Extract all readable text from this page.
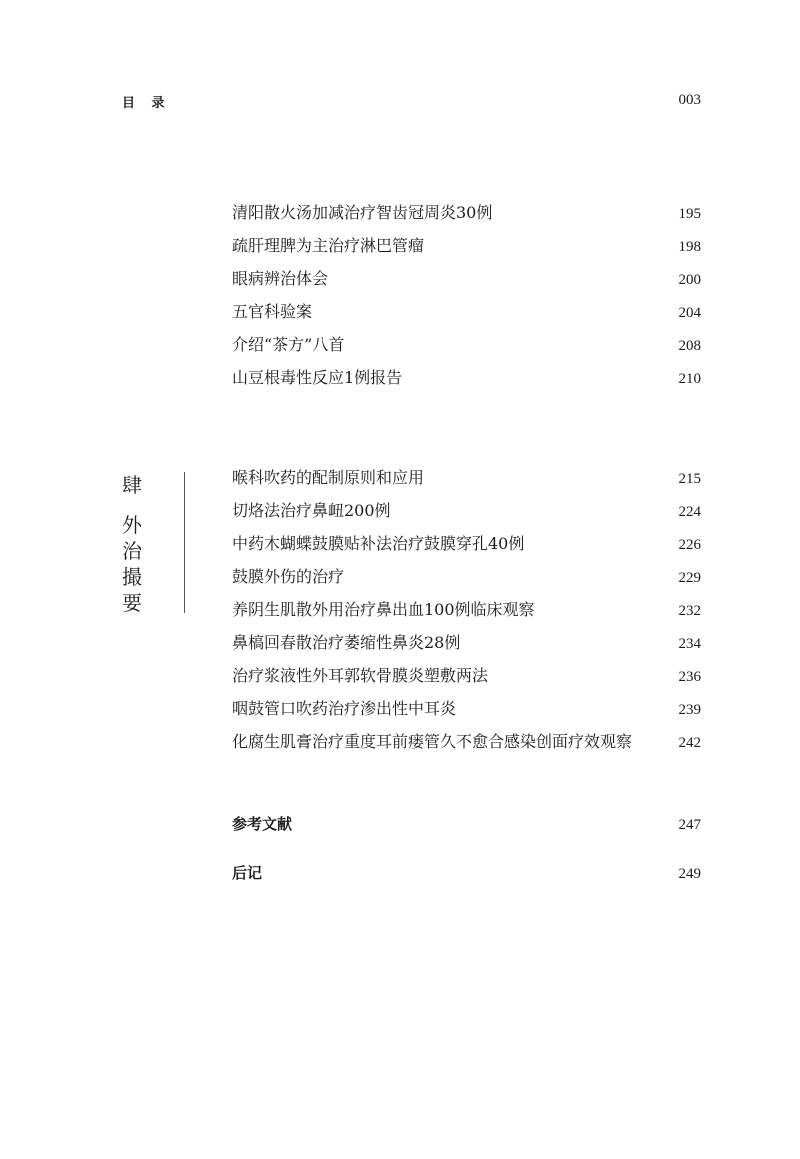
目 录	003
清阳散火汤加减治疗智齿冠周炎30例	195
疏肝理脾为主治疗淋巴管瘤	198
眼病辨治体会	200
五官科验案	204
介绍“茶方”八首	208
山豆根毒性反应1例报告	210
肆
外治撮要
喉科吹药的配制原则和应用	215
切烙法治疗鼻衄200例	224
中药木蝴蝶鼓膜贴补法治疗鼓膜穿孔40例	226
鼓膜外伤的治疗	229
养阴生肌散外用治疗鼻出血100例临床观察	232
鼻槁回春散治疗萎缩性鼻炎28例	234
治疗浆液性外耳郭软骨膜炎塑敷两法	236
咽鼓管口吹药治疗渗出性中耳炎	239
化腐生肌膏治疗重度耳前瘘管久不愈合感染创面疗效观察	242
参考文献	247
后记	249
